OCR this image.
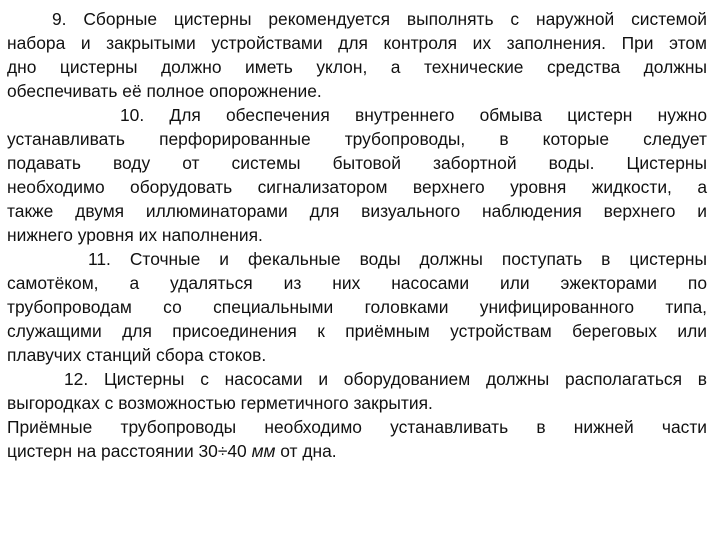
9. Сборные цистерны рекомендуется выполнять с наружной системой
набора и закрытыми устройствами для контроля их заполнения. При этом
дно цистерны должно иметь уклон, а технические средства должны
обеспечивать её полное опорожнение.
10. Для обеспечения внутреннего обмыва цистерн нужно
устанавливать перфорированные трубопроводы, в которые следует
подавать воду от системы бытовой забортной воды. Цистерны
необходимо оборудовать сигнализатором верхнего уровня жидкости, а
также двумя иллюминаторами для визуального наблюдения верхнего и
нижнего уровня их наполнения.
11. Сточные и фекальные воды должны поступать в цистерны
самотёком, а удаляться из них насосами или эжекторами по
трубопроводам со специальными головками унифицированного типа,
служащими для присоединения к приёмным устройствам береговых или
плавучих станций сбора стоков.
12. Цистерны с насосами и оборудованием должны располагаться в
выгородках с возможностью герметичного закрытия.
Приёмные трубопроводы необходимо устанавливать в нижней части
цистерн на расстоянии 30÷40 мм от дна.
